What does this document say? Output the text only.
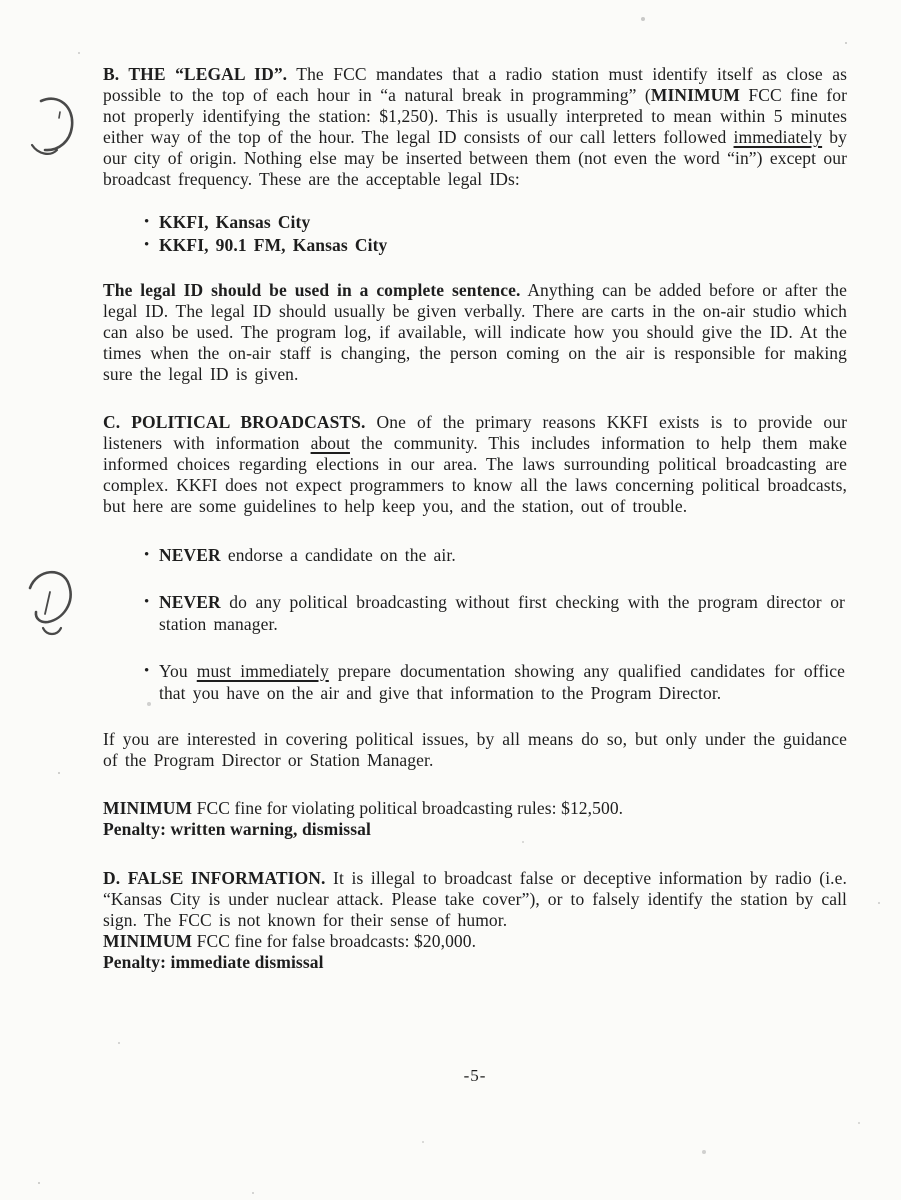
B. THE “LEGAL ID”. The FCC mandates that a radio station must identify itself as close as possible to the top of each hour in “a natural break in programming” (MINIMUM FCC fine for not properly identifying the station: $1,250). This is usually interpreted to mean within 5 minutes either way of the top of the hour. The legal ID consists of our call letters followed immediately by our city of origin. Nothing else may be inserted between them (not even the word “in”) except our broadcast frequency. These are the acceptable legal IDs:

• KKFI, Kansas City
• KKFI, 90.1 FM, Kansas City

The legal ID should be used in a complete sentence. Anything can be added before or after the legal ID. The legal ID should usually be given verbally. There are carts in the on-air studio which can also be used. The program log, if available, will indicate how you should give the ID. At the times when the on-air staff is changing, the person coming on the air is responsible for making sure the legal ID is given.

C. POLITICAL BROADCASTS. One of the primary reasons KKFI exists is to provide our listeners with information about the community. This includes information to help them make informed choices regarding elections in our area. The laws surrounding political broadcasting are complex. KKFI does not expect programmers to know all the laws concerning political broadcasts, but here are some guidelines to help keep you, and the station, out of trouble.

• NEVER endorse a candidate on the air.
• NEVER do any political broadcasting without first checking with the program director or station manager.
• You must immediately prepare documentation showing any qualified candidates for office that you have on the air and give that information to the Program Director.

If you are interested in covering political issues, by all means do so, but only under the guidance of the Program Director or Station Manager.

MINIMUM FCC fine for violating political broadcasting rules: $12,500.
Penalty: written warning, dismissal

D. FALSE INFORMATION. It is illegal to broadcast false or deceptive information by radio (i.e. “Kansas City is under nuclear attack. Please take cover”), or to falsely identify the station by call sign. The FCC is not known for their sense of humor.

MINIMUM FCC fine for false broadcasts: $20,000.
Penalty: immediate dismissal
-5-
